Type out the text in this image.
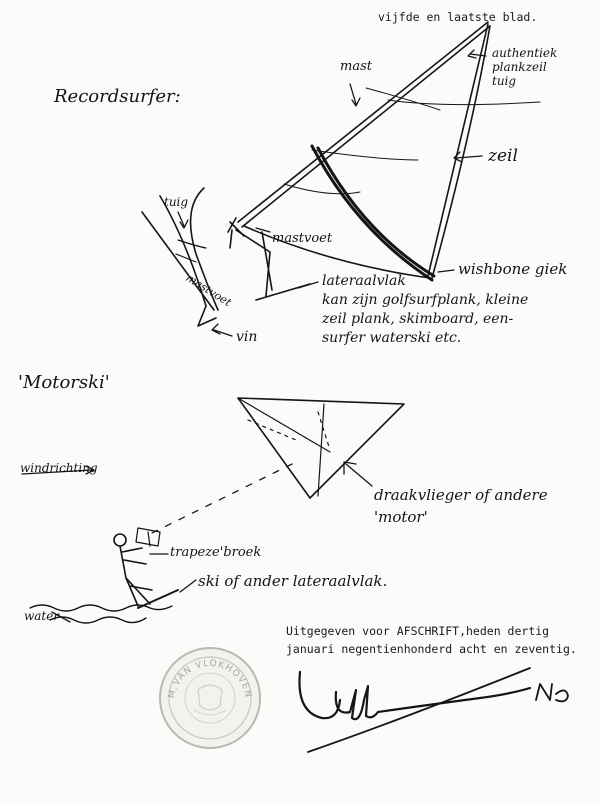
M.VAN VLOKHOVEN
vijfde en laatste blad.
Recordsurfer:
mast
authentiek
plankzeil
tuig
zeil
tuig
mastvoet
mastvoet
wishbone giek
lateraalvlak
kan zijn golfsurfplank, kleine
zeil plank, skimboard, een-
surfer waterski etc.
vin
'Motorski'
windrichting
draakvlieger of andere
'motor'
trapeze'broek
ski of ander lateraalvlak.
water
Uitgegeven voor AFSCHRIFT,heden dertig
januari negentienhonderd acht en zeventig.
